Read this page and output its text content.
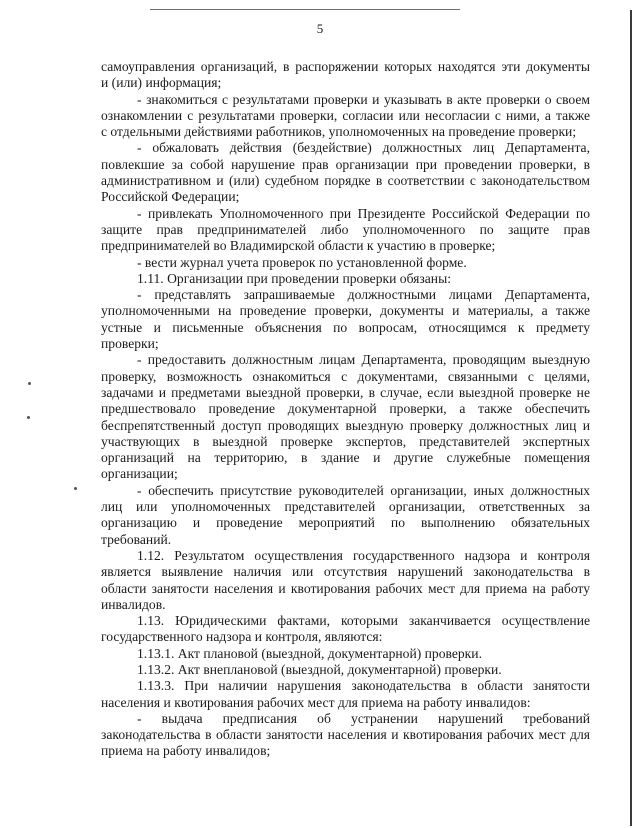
5
самоуправления организаций, в распоряжении которых находятся эти документы
и (или) информация;
- знакомиться с результатами проверки и указывать в акте проверки о своем
ознакомлении с результатами проверки, согласии или несогласии с ними, а также
с отдельными действиями работников, уполномоченных на проведение проверки;
- обжаловать действия (бездействие) должностных лиц Департамента,
повлекшие за собой нарушение прав организации при проведении проверки, в
административном и (или) судебном порядке в соответствии с законодательством
Российской Федерации;
- привлекать Уполномоченного при Президенте Российской Федерации по
защите прав предпринимателей либо уполномоченного по защите прав
предпринимателей во Владимирской области к участию в проверке;
- вести журнал учета проверок по установленной форме.
1.11. Организации при проведении проверки обязаны:
- представлять запрашиваемые должностными лицами Департамента,
уполномоченными на проведение проверки, документы и материалы, а также
устные и письменные объяснения по вопросам, относящимся к предмету
проверки;
- предоставить должностным лицам Департамента, проводящим выездную
проверку, возможность ознакомиться с документами, связанными с целями,
задачами и предметами выездной проверки, в случае, если выездной проверке не
предшествовало проведение документарной проверки, а также обеспечить
беспрепятственный доступ проводящих выездную проверку должностных лиц и
участвующих в выездной проверке экспертов, представителей экспертных
организаций на территорию, в здание и другие служебные помещения
организации;
- обеспечить присутствие руководителей организации, иных должностных
лиц или уполномоченных представителей организации, ответственных за
организацию и проведение мероприятий по выполнению обязательных
требований.
1.12. Результатом осуществления государственного надзора и контроля
является выявление наличия или отсутствия нарушений законодательства в
области занятости населения и квотирования рабочих мест для приема на работу
инвалидов.
1.13. Юридическими фактами, которыми заканчивается осуществление
государственного надзора и контроля, являются:
1.13.1. Акт плановой (выездной, документарной) проверки.
1.13.2. Акт внеплановой (выездной, документарной) проверки.
1.13.3. При наличии нарушения законодательства в области занятости
населения и квотирования рабочих мест для приема на работу инвалидов:
- выдача предписания об устранении нарушений требований
законодательства в области занятости населения и квотирования рабочих мест для
приема на работу инвалидов;
